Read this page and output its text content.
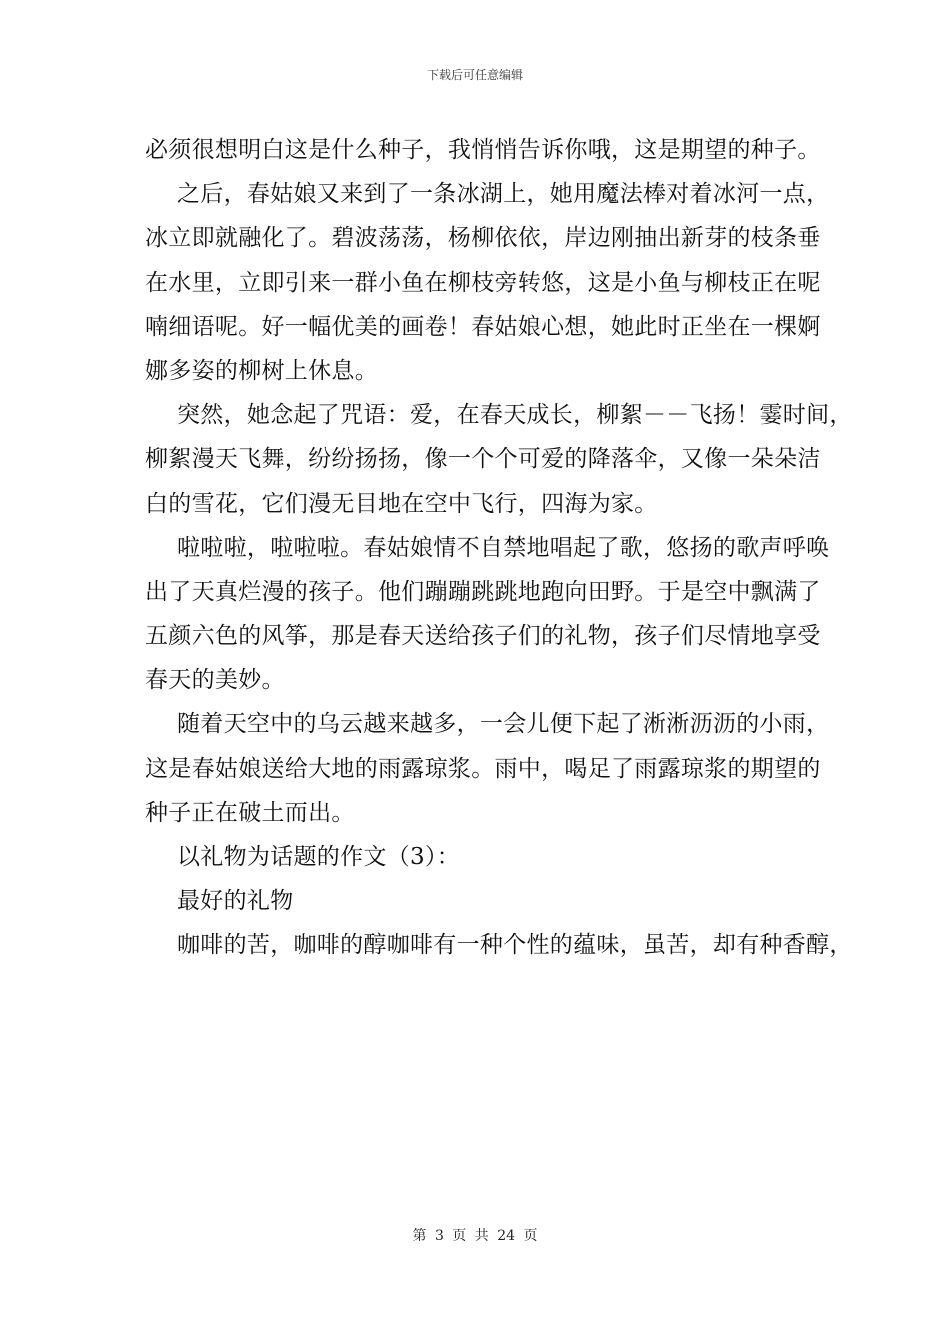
下载后可任意编辑
必须很想明白这是什么种子，我悄悄告诉你哦，这是期望的种子。
之后，春姑娘又来到了一条冰湖上，她用魔法棒对着冰河一点，
冰立即就融化了。碧波荡荡，杨柳依依，岸边刚抽出新芽的枝条垂
在水里，立即引来一群小鱼在柳枝旁转悠，这是小鱼与柳枝正在呢
喃细语呢。好一幅优美的画卷！春姑娘心想，她此时正坐在一棵婀
娜多姿的柳树上休息。
突然，她念起了咒语：爱，在春天成长，柳絮－－飞扬！霎时间，
柳絮漫天飞舞，纷纷扬扬，像一个个可爱的降落伞，又像一朵朵洁
白的雪花，它们漫无目地在空中飞行，四海为家。
啦啦啦，啦啦啦。春姑娘情不自禁地唱起了歌，悠扬的歌声呼唤
出了天真烂漫的孩子。他们蹦蹦跳跳地跑向田野。于是空中飘满了
五颜六色的风筝，那是春天送给孩子们的礼物，孩子们尽情地享受
春天的美妙。
随着天空中的乌云越来越多，一会儿便下起了淅淅沥沥的小雨，
这是春姑娘送给大地的雨露琼浆。雨中，喝足了雨露琼浆的期望的
种子正在破土而出。
以礼物为话题的作文（3）：
最好的礼物
咖啡的苦，咖啡的醇咖啡有一种个性的蕴味，虽苦，却有种香醇，
第 3 页 共 24 页
